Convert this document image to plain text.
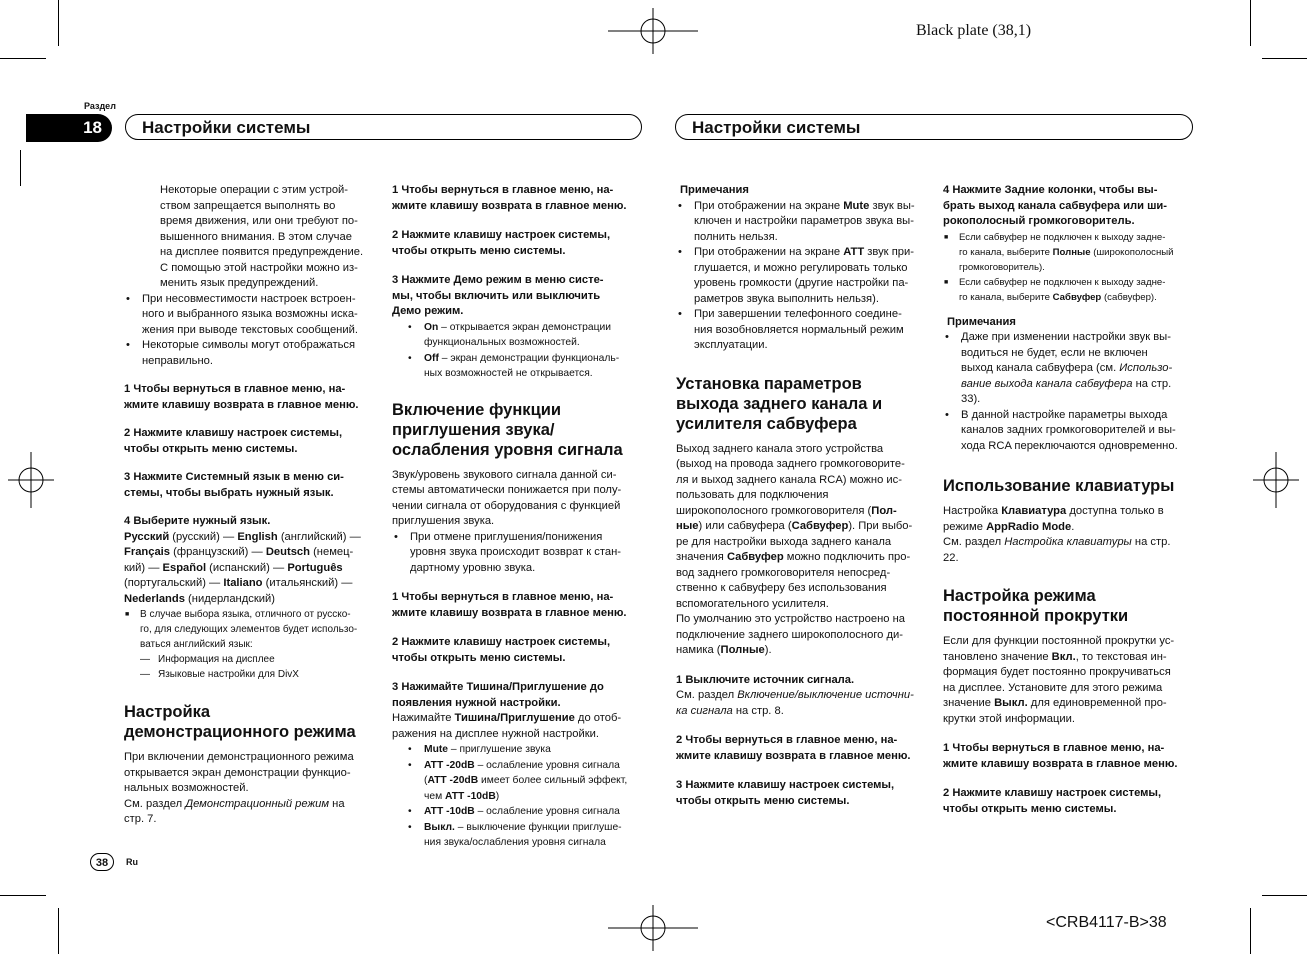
Black plate (38,1)
Раздел
18	Настройки системы	Настройки системы

Некоторые операции с этим устрой-

ством запрещается выполнять во

время движения, или они требуют по-

вышенного внимания. В этом случае

на дисплее появится предупреждение.

С помощью этой настройки можно из-

менить язык предупреждений.

• При несовместимости настроек встроен-

ного и выбранного языка возможны иска-

жения при выводе текстовых сообщений.

• Некоторые символы могут отображаться

неправильно.

1 Чтобы вернуться в главное меню, на-

жмите клавишу возврата в главное меню.

2 Нажмите клавишу настроек системы,

чтобы открыть меню системы.

3 Нажмите Системный язык в меню си-

стемы, чтобы выбрать нужный язык.

4 Выберите нужный язык.

Русский (русский) — English (английский) —

Français (французский) — Deutsch (немец-

кий) — Español (испанский) — Português

(португальский) — Italiano (итальянский) —

Nederlands (нидерландский)

■ В случае выбора языка, отличного от русско-

го, для следующих элементов будет использо-

ваться английский язык:

— Информация на дисплее

— Языковые настройки для DivX

Настройка

демонстрационного режима

При включении демонстрационного режима

открывается экран демонстрации функцио-

нальных возможностей.

См. раздел Демонстрационный режим на

стр. 7.

1 Чтобы вернуться в главное меню, на-

жмите клавишу возврата в главное меню.

2 Нажмите клавишу настроек системы,

чтобы открыть меню системы.

3 Нажмите Демо режим в меню систе-

мы, чтобы включить или выключить

Демо режим.

• On – открывается экран демонстрации

функциональных возможностей.

• Off – экран демонстрации функциональ-

ных возможностей не открывается.

Включение функции

приглушения звука/

ослабления уровня сигнала

Звук/уровень звукового сигнала данной си-

стемы автоматически понижается при полу-

чении сигнала от оборудования с функцией

приглушения звука.

• При отмене приглушения/понижения

уровня звука происходит возврат к стан-

дартному уровню звука.

1 Чтобы вернуться в главное меню, на-

жмите клавишу возврата в главное меню.

2 Нажмите клавишу настроек системы,

чтобы открыть меню системы.

3 Нажимайте Тишина/Приглушение до

появления нужной настройки.

Нажимайте Тишина/Приглушение до отоб-

ражения на дисплее нужной настройки.

• Mute – приглушение звука

• ATT -20dB – ослабление уровня сигнала

(ATT -20dB имеет более сильный эффект,

чем ATT -10dB)

• ATT -10dB – ослабление уровня сигнала

• Выкл. – выключение функции приглуше-

ния звука/ослабления уровня сигнала

Примечания

• При отображении на экране Mute звук вы-

ключен и настройки параметров звука вы-

полнить нельзя.

• При отображении на экране ATT звук при-

глушается, и можно регулировать только

уровень громкости (другие настройки па-

раметров звука выполнить нельзя).

• При завершении телефонного соедине-

ния возобновляется нормальный режим

эксплуатации.

Установка параметров

выхода заднего канала и

усилителя сабвуфера

Выход заднего канала этого устройства

(выход на провода заднего громкоговорите-

ля и выход заднего канала RCA) можно ис-

пользовать для подключения

широкополосного громкоговорителя (Пол-

ные) или сабвуфера (Сабвуфер). При выбо-

ре для настройки выхода заднего канала

значения Сабвуфер можно подключить про-

вод заднего громкоговорителя непосред-

ственно к сабвуферу без использования

вспомогательного усилителя.

По умолчанию это устройство настроено на

подключение заднего широкополосного ди-

намика (Полные).

1 Выключите источник сигнала.

См. раздел Включение/выключение источни-

ка сигнала на стр. 8.

2 Чтобы вернуться в главное меню, на-

жмите клавишу возврата в главное меню.

3 Нажмите клавишу настроек системы,

чтобы открыть меню системы.

4 Нажмите Задние колонки, чтобы вы-

брать выход канала сабвуфера или ши-

рокополосный громкоговоритель.

■ Если сабвуфер не подключен к выходу задне-

го канала, выберите Полные (широкополосный

громкоговоритель).

■ Если сабвуфер не подключен к выходу задне-

го канала, выберите Сабвуфер (сабвуфер).

Примечания

• Даже при изменении настройки звук вы-

водиться не будет, если не включен

выход канала сабвуфера (см. Использо-

вание выхода канала сабвуфера на стр.

33).

• В данной настройке параметры выхода

каналов задних громкоговорителей и вы-

хода RCA переключаются одновременно.

Использование клавиатуры

Настройка Клавиатура доступна только в

режиме AppRadio Mode.

См. раздел Настройка клавиатуры на стр.

22.

Настройка режима

постоянной прокрутки

Если для функции постоянной прокрутки ус-

тановлено значение Вкл., то текстовая ин-

формация будет постоянно прокручиваться

на дисплее. Установите для этого режима

значение Выкл. для единовременной про-

крутки этой информации.

1 Чтобы вернуться в главное меню, на-

жмите клавишу возврата в главное меню.

2 Нажмите клавишу настроек системы,

чтобы открыть меню системы.

38	Ru
<CRB4117-B>38
